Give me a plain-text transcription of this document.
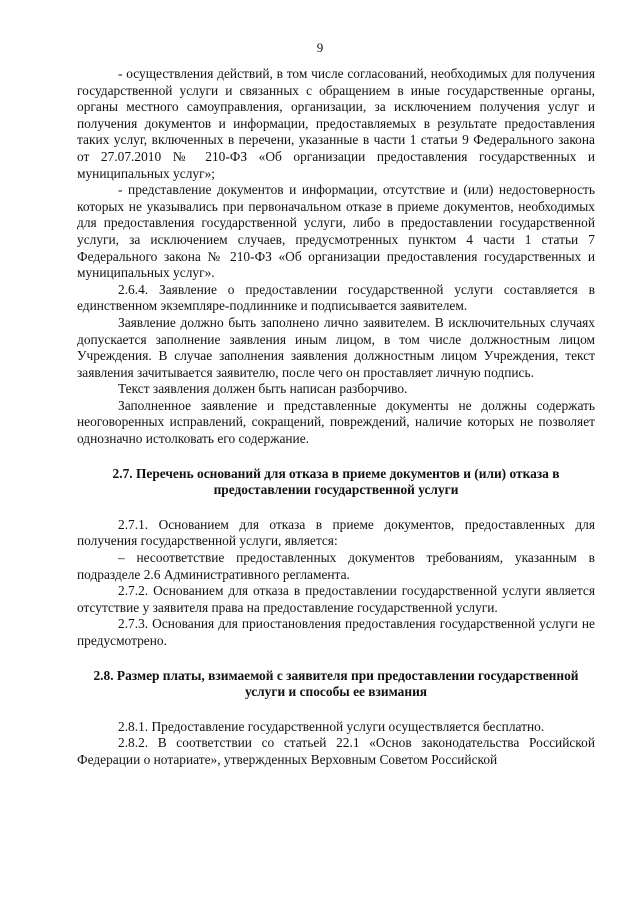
9

- осуществления действий, в том числе согласований, необходимых для получения государственной услуги и связанных с обращением в иные государственные органы, органы местного самоуправления, организации, за исключением получения услуг и получения документов и информации, предоставляемых в результате предоставления таких услуг, включенных в перечени, указанные в части 1 статьи 9 Федерального закона от 27.07.2010 № 210-ФЗ «Об организации предоставления государственных и муниципальных услуг»;

- представление документов и информации, отсутствие и (или) недостоверность которых не указывались при первоначальном отказе в приеме документов, необходимых для предоставления государственной услуги, либо в предоставлении государственной услуги, за исключением случаев, предусмотренных пунктом 4 части 1 статьи 7 Федерального закона № 210-ФЗ «Об организации предоставления государственных и муниципальных услуг».

2.6.4. Заявление о предоставлении государственной услуги составляется в единственном экземпляре-подлиннике и подписывается заявителем.

Заявление должно быть заполнено лично заявителем. В исключительных случаях допускается заполнение заявления иным лицом, в том числе должностным лицом Учреждения. В случае заполнения заявления должностным лицом Учреждения, текст заявления зачитывается заявителю, после чего он проставляет личную подпись.

Текст заявления должен быть написан разборчиво.

Заполненное заявление и представленные документы не должны содержать неоговоренных исправлений, сокращений, повреждений, наличие которых не позволяет однозначно истолковать его содержание.

2.7. Перечень оснований для отказа в приеме документов и (или) отказа в предоставлении государственной услуги

2.7.1. Основанием для отказа в приеме документов, предоставленных для получения государственной услуги, является:

– несоответствие предоставленных документов требованиям, указанным в подразделе 2.6 Административного регламента.

2.7.2. Основанием для отказа в предоставлении государственной услуги является отсутствие у заявителя права на предоставление государственной услуги.

2.7.3. Основания для приостановления предоставления государственной услуги не предусмотрено.

2.8. Размер платы, взимаемой с заявителя при предоставлении государственной услуги и способы ее взимания

2.8.1. Предоставление государственной услуги осуществляется бесплатно.

2.8.2. В соответствии со статьей 22.1 «Основ законодательства Российской Федерации о нотариате», утвержденных Верховным Советом Российской
